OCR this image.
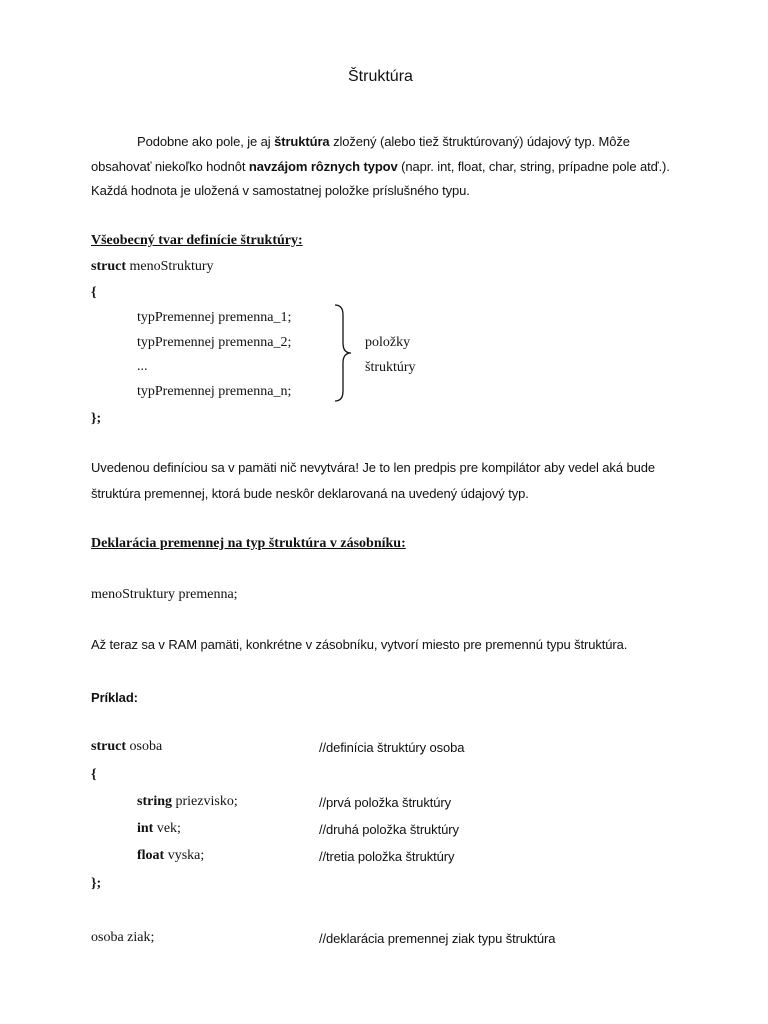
Štruktúra
Podobne ako pole, je aj štruktúra zložený (alebo tiež štruktúrovaný) údajový typ. Môže
obsahovať niekoľko hodnôt navzájom rôznych typov (napr. int, float, char, string, prípadne pole atď.).
Každá hodnota je uložená v samostatnej položke príslušného typu.
Všeobecný tvar definície štruktúry:
struct menoStruktury
{
typPremennej premenna_1;
typPremennej premenna_2;
...
typPremennej premenna_n;
položky
štruktúry
};
Uvedenou definíciou sa v pamäti nič nevytvára! Je to len predpis pre kompilátor aby vedel aká bude
štruktúra premennej, ktorá bude neskôr deklarovaná na uvedený údajový typ.
Deklarácia premennej na typ štruktúra v zásobníku:
menoStruktury premenna;
Až teraz sa v RAM pamäti, konkrétne v zásobníku, vytvorí miesto pre premennú typu štruktúra.
Príklad:
struct osoba	//definícia štruktúry osoba
{
string priezvisko;	//prvá položka štruktúry
int vek;	//druhá položka štruktúry
float vyska;	//tretia položka štruktúry
};
osoba ziak;	//deklarácia premennej ziak typu štruktúra
